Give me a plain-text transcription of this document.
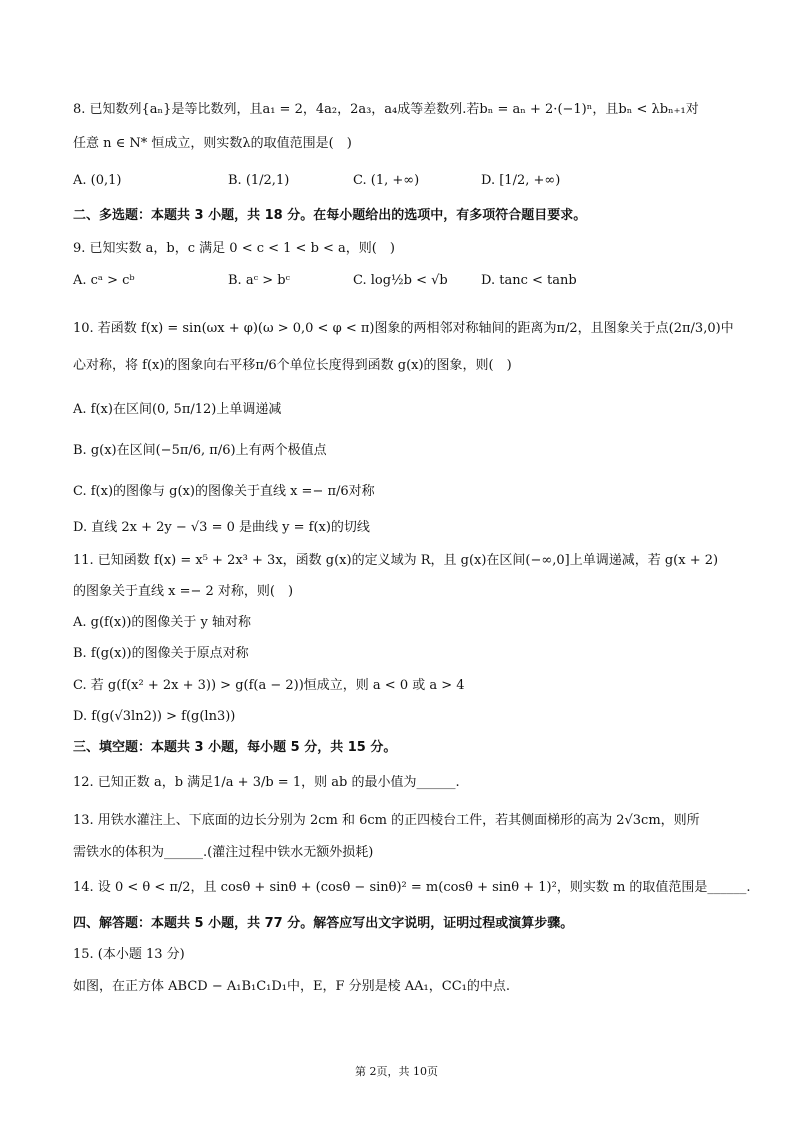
8. 已知数列{aₙ}是等比数列，且a₁ = 2，4a₂，2a₃，a₄成等差数列.若bₙ = aₙ + 2·(−1)ⁿ，且bₙ < λbₙ₊₁对
任意 n ∈ N* 恒成立，则实数λ的取值范围是(　)
A. (0,1)	B. (1/2,1)	C. (1, +∞)	D. [1/2, +∞)
二、多选题：本题共 3 小题，共 18 分。在每小题给出的选项中，有多项符合题目要求。
9. 已知实数 a，b，c 满足 0 < c < 1 < b < a，则(　)
A. cᵃ > cᵇ	B. aᶜ > bᶜ	C. log½b < √b	D. tanc < tanb
10. 若函数 f(x) = sin(ωx + φ)(ω > 0,0 < φ < π)图象的两相邻对称轴间的距离为π/2，且图象关于点(2π/3,0)中
心对称，将 f(x)的图象向右平移π/6个单位长度得到函数 g(x)的图象，则(　)
A. f(x)在区间(0, 5π/12)上单调递减
B. g(x)在区间(−5π/6, π/6)上有两个极值点
C. f(x)的图像与 g(x)的图像关于直线 x =− π/6对称
D. 直线 2x + 2y − √3 = 0 是曲线 y = f(x)的切线
11. 已知函数 f(x) = x⁵ + 2x³ + 3x，函数 g(x)的定义域为 R，且 g(x)在区间(−∞,0]上单调递减，若 g(x + 2)
的图象关于直线 x =− 2 对称，则(　)
A. g(f(x))的图像关于 y 轴对称
B. f(g(x))的图像关于原点对称
C. 若 g(f(x² + 2x + 3)) > g(f(a − 2))恒成立，则 a < 0 或 a > 4
D. f(g(√3ln2)) > f(g(ln3))
三、填空题：本题共 3 小题，每小题 5 分，共 15 分。
12. 已知正数 a，b 满足1/a + 3/b = 1，则 ab 的最小值为______.
13. 用铁水灌注上、下底面的边长分别为 2cm 和 6cm 的正四棱台工件，若其侧面梯形的高为 2√3cm，则所
需铁水的体积为______.(灌注过程中铁水无额外损耗)
14. 设 0 < θ < π/2，且 cosθ + sinθ + (cosθ − sinθ)² = m(cosθ + sinθ + 1)²，则实数 m 的取值范围是______.
四、解答题：本题共 5 小题，共 77 分。解答应写出文字说明，证明过程或演算步骤。
15. (本小题 13 分)
如图，在正方体 ABCD − A₁B₁C₁D₁中，E，F 分别是棱 AA₁，CC₁的中点.
第 2页，共 10页
